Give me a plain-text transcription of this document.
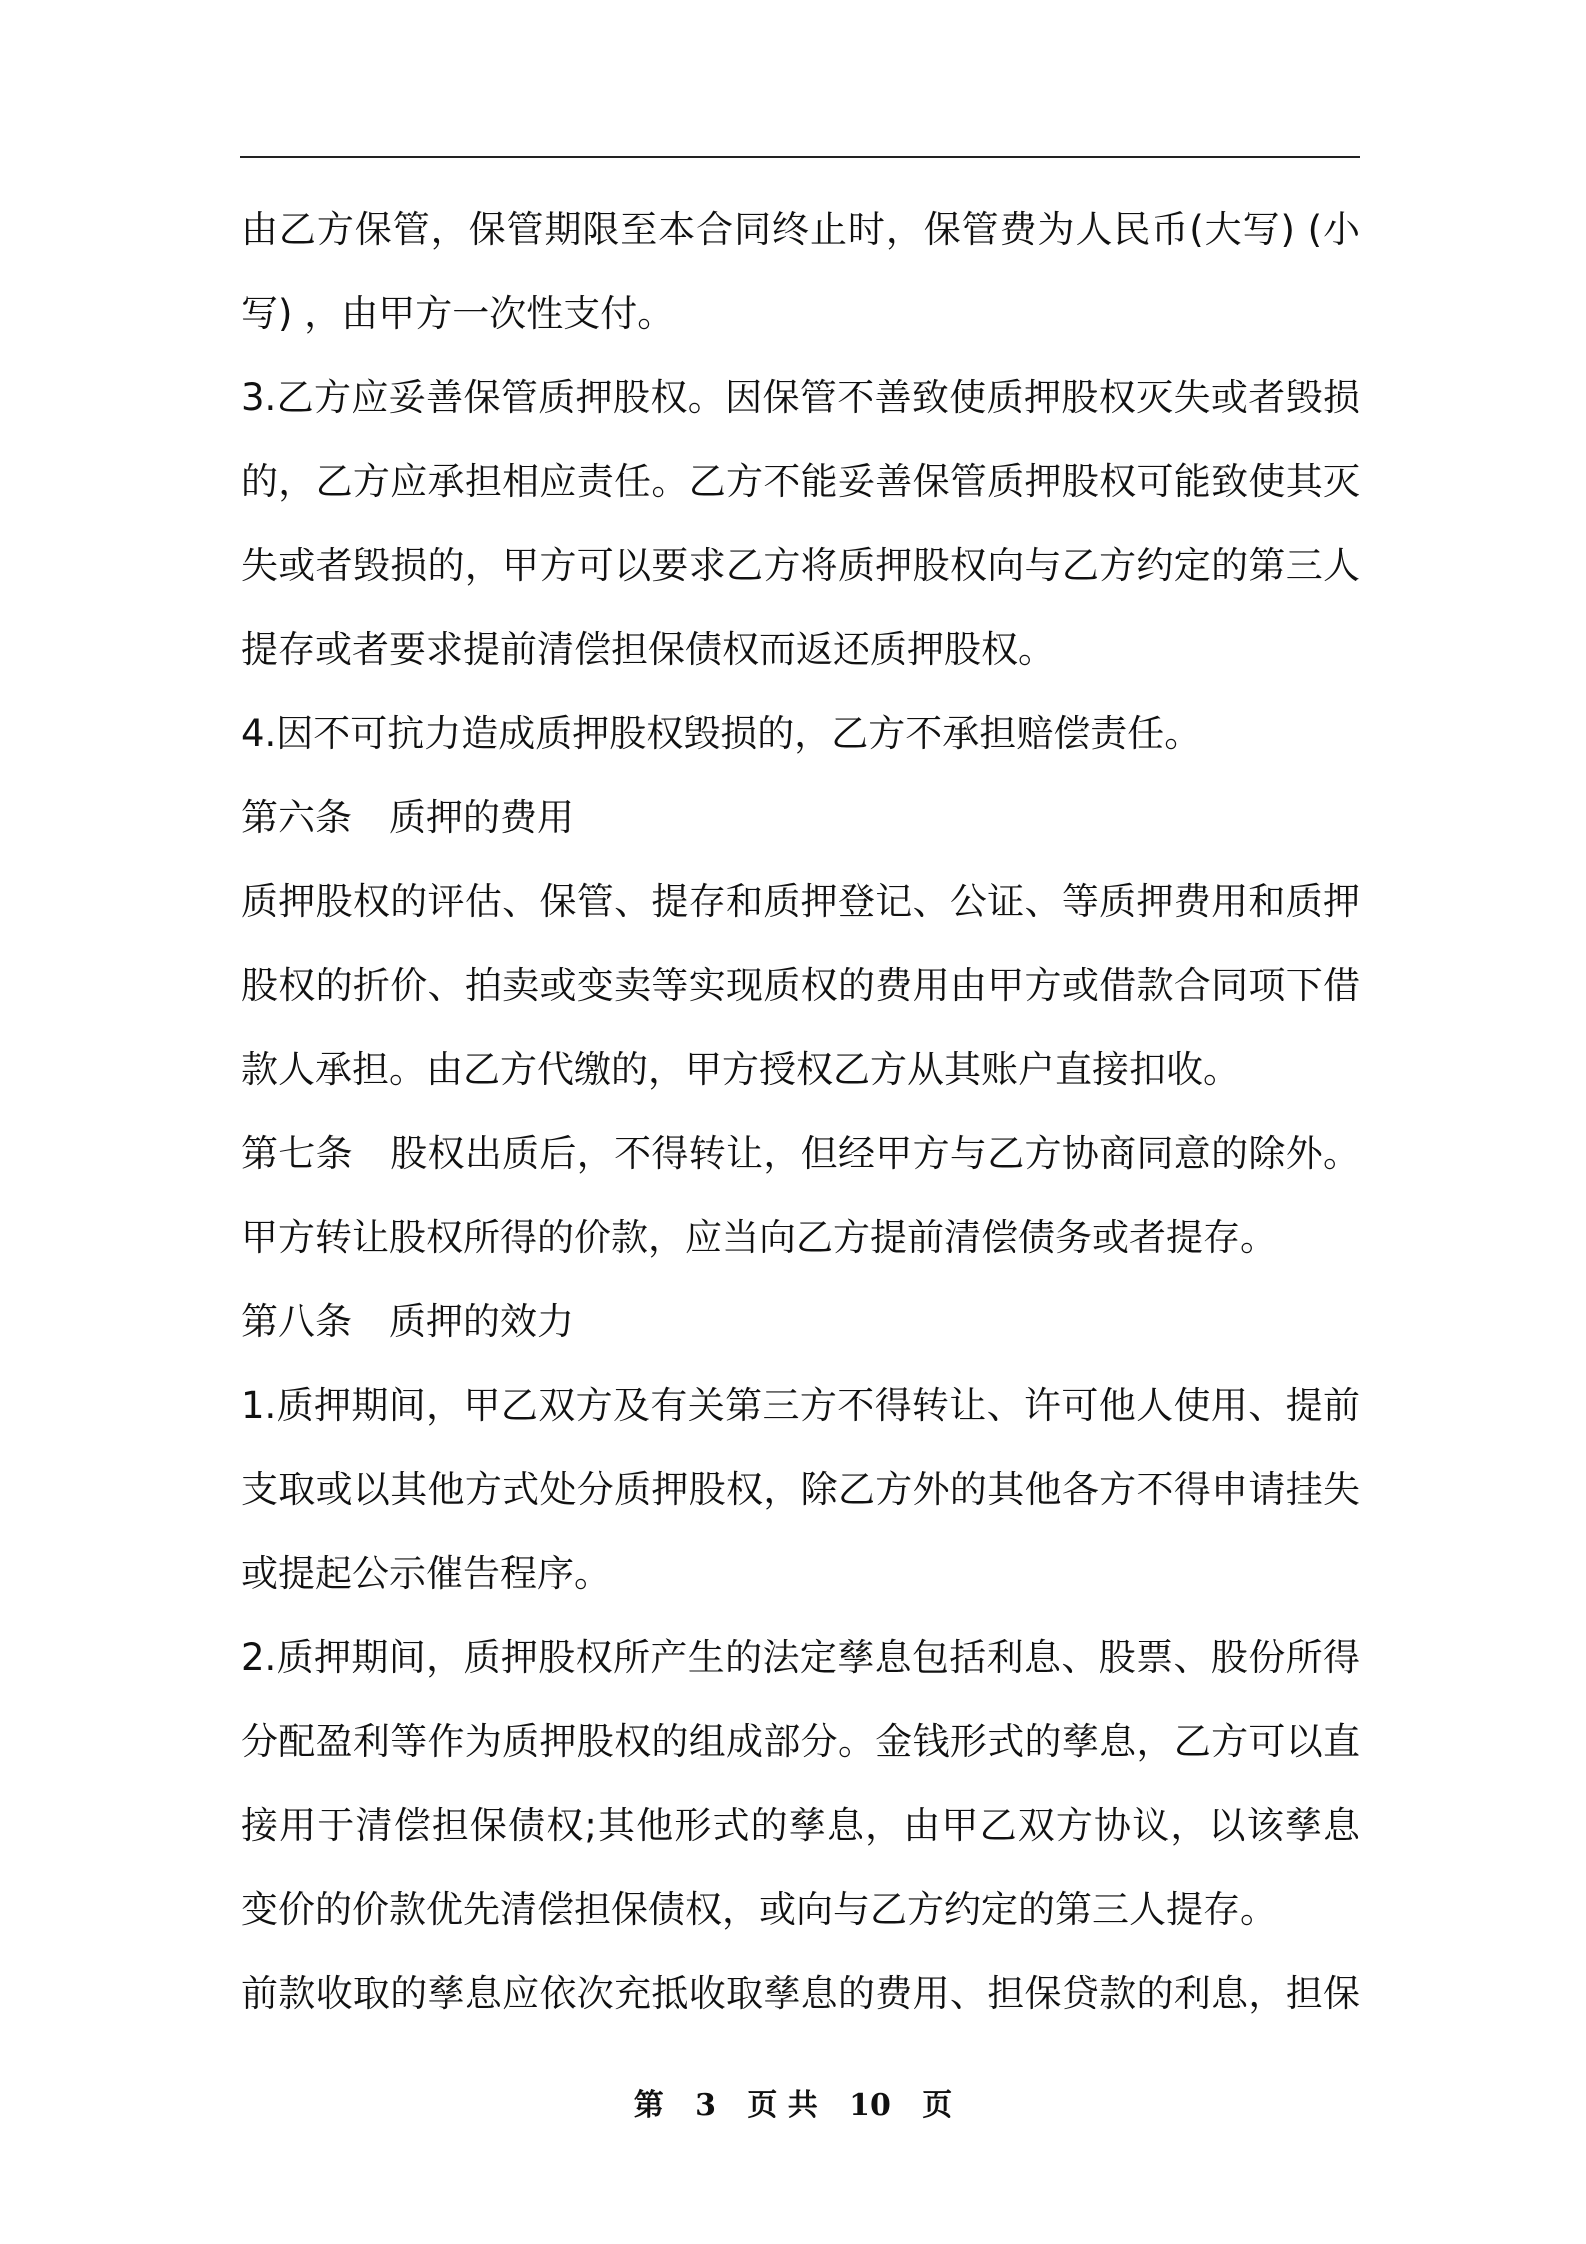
由乙方保管，保管期限至本合同终止时，保管费为人民币(大写) (小
写) ，由甲方一次性支付。
3.乙方应妥善保管质押股权。因保管不善致使质押股权灭失或者毁损
的，乙方应承担相应责任。乙方不能妥善保管质押股权可能致使其灭
失或者毁损的，甲方可以要求乙方将质押股权向与乙方约定的第三人
提存或者要求提前清偿担保债权而返还质押股权。
4.因不可抗力造成质押股权毁损的，乙方不承担赔偿责任。
第六条　质押的费用
质押股权的评估、保管、提存和质押登记、公证、等质押费用和质押
股权的折价、拍卖或变卖等实现质权的费用由甲方或借款合同项下借
款人承担。由乙方代缴的，甲方授权乙方从其账户直接扣收。
第七条　股权出质后，不得转让，但经甲方与乙方协商同意的除外。
甲方转让股权所得的价款，应当向乙方提前清偿债务或者提存。
第八条　质押的效力
1.质押期间，甲乙双方及有关第三方不得转让、许可他人使用、提前
支取或以其他方式处分质押股权，除乙方外的其他各方不得申请挂失
或提起公示催告程序。
2.质押期间，质押股权所产生的法定孳息包括利息、股票、股份所得
分配盈利等作为质押股权的组成部分。金钱形式的孳息，乙方可以直
接用于清偿担保债权;其他形式的孳息，由甲乙双方协议，以该孳息
变价的价款优先清偿担保债权，或向与乙方约定的第三人提存。
前款收取的孳息应依次充抵收取孳息的费用、担保贷款的利息，担保
第 3 页 共 10 页
